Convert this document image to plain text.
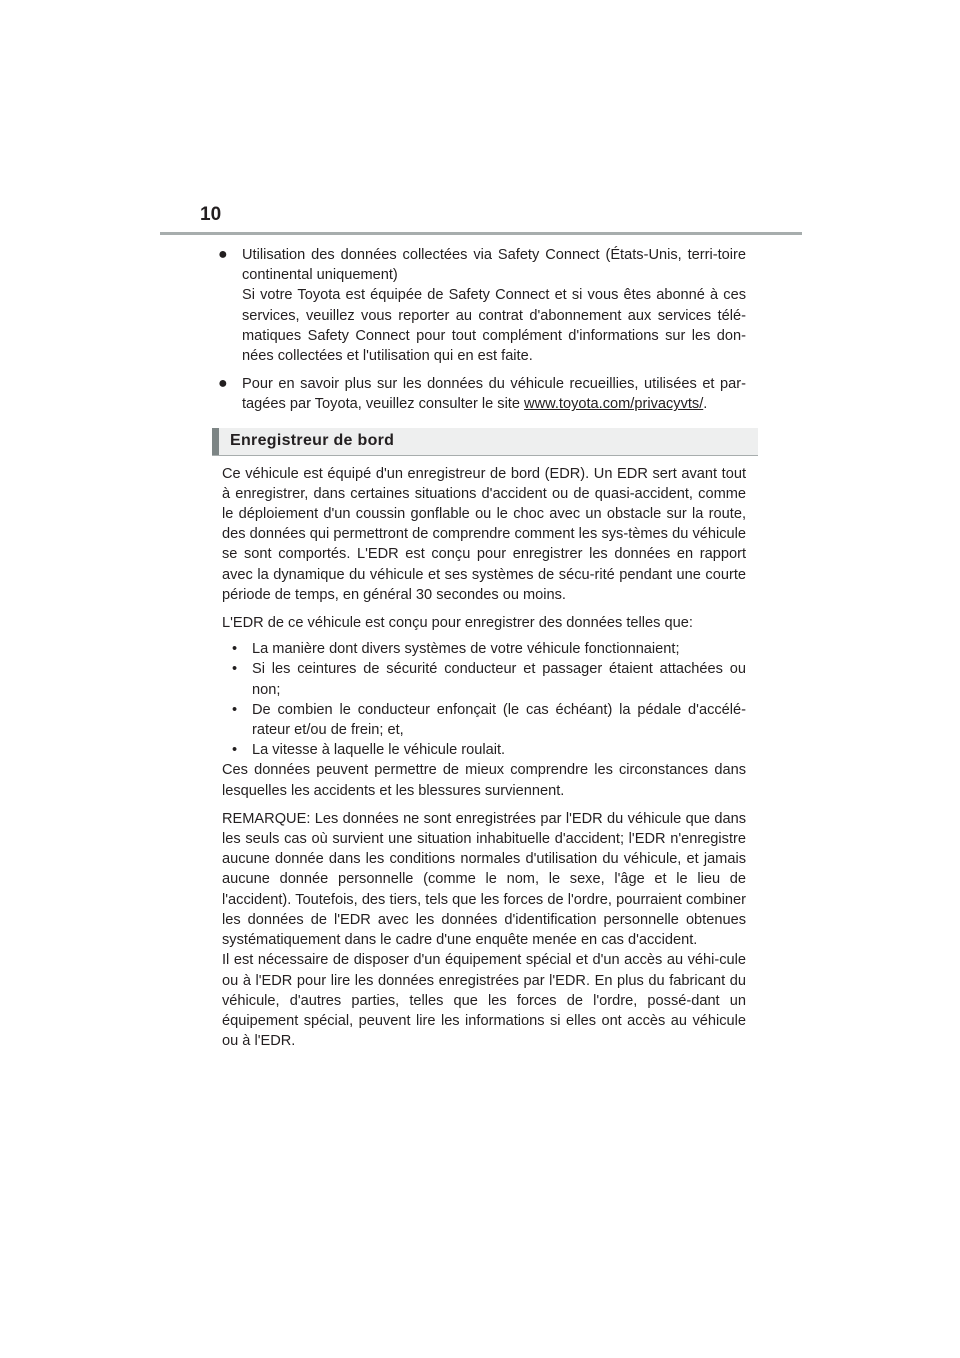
10
● Utilisation des données collectées via Safety Connect (États-Unis, terri-toire continental uniquement)

Si votre Toyota est équipée de Safety Connect et si vous êtes abonné à ces services, veuillez vous reporter au contrat d'abonnement aux services télé-matiques Safety Connect pour tout complément d'informations sur les don-nées collectées et l'utilisation qui en est faite.

● Pour en savoir plus sur les données du véhicule recueillies, utilisées et par-tagées par Toyota, veuillez consulter le site www.toyota.com/privacyvts/.

Enregistreur de bord

Ce véhicule est équipé d'un enregistreur de bord (EDR). Un EDR sert avant tout à enregistrer, dans certaines situations d'accident ou de quasi-accident, comme le déploiement d'un coussin gonflable ou le choc avec un obstacle sur la route, des données qui permettront de comprendre comment les sys-tèmes du véhicule se sont comportés. L'EDR est conçu pour enregistrer les données en rapport avec la dynamique du véhicule et ses systèmes de sécu-rité pendant une courte période de temps, en général 30 secondes ou moins.

L'EDR de ce véhicule est conçu pour enregistrer des données telles que:

• La manière dont divers systèmes de votre véhicule fonctionnaient;
• Si les ceintures de sécurité conducteur et passager étaient attachées ou non;
• De combien le conducteur enfonçait (le cas échéant) la pédale d'accélé-rateur et/ou de frein; et,
• La vitesse à laquelle le véhicule roulait.

Ces données peuvent permettre de mieux comprendre les circonstances dans lesquelles les accidents et les blessures surviennent.

REMARQUE: Les données ne sont enregistrées par l'EDR du véhicule que dans les seuls cas où survient une situation inhabituelle d'accident; l'EDR n'enregistre aucune donnée dans les conditions normales d'utilisation du véhicule, et jamais aucune donnée personnelle (comme le nom, le sexe, l'âge et le lieu de l'accident). Toutefois, des tiers, tels que les forces de l'ordre, pourraient combiner les données de l'EDR avec les données d'identification personnelle obtenues systématiquement dans le cadre d'une enquête menée en cas d'accident.

Il est nécessaire de disposer d'un équipement spécial et d'un accès au véhi-cule ou à l'EDR pour lire les données enregistrées par l'EDR. En plus du fabricant du véhicule, d'autres parties, telles que les forces de l'ordre, possé-dant un équipement spécial, peuvent lire les informations si elles ont accès au véhicule ou à l'EDR.
